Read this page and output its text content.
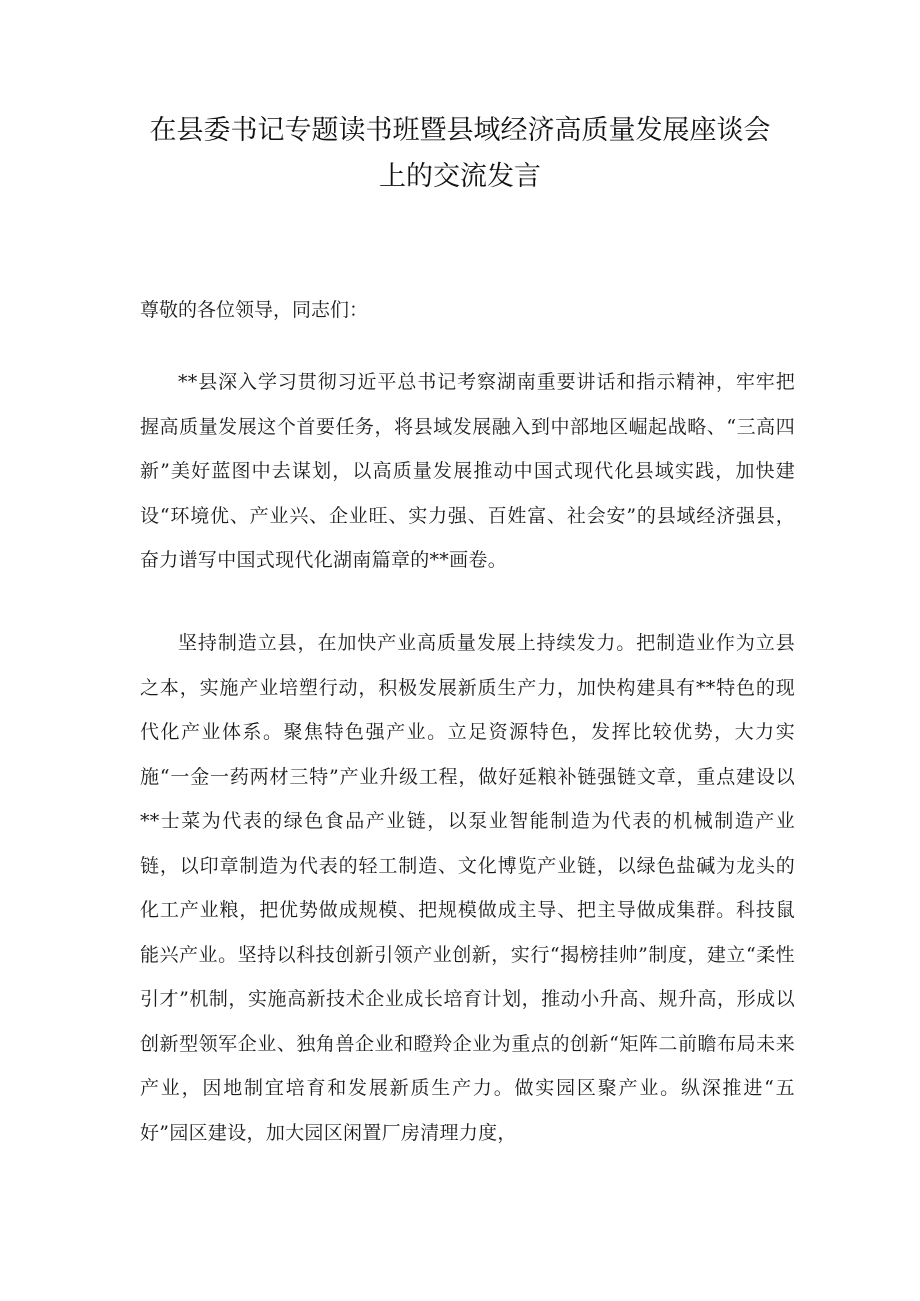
在县委书记专题读书班暨县域经济高质量发展座谈会
上的交流发言

尊敬的各位领导，同志们：

**县深入学习贯彻习近平总书记考察湖南重要讲话和指示精神，牢牢把握高质量发展这个首要任务，将县域发展融入到中部地区崛起战略、“三高四新”美好蓝图中去谋划，以高质量发展推动中国式现代化县域实践，加快建设“环境优、产业兴、企业旺、实力强、百姓富、社会安”的县域经济强县，奋力谱写中国式现代化湖南篇章的**画卷。

坚持制造立县，在加快产业高质量发展上持续发力。把制造业作为立县之本，实施产业培塑行动，积极发展新质生产力，加快构建具有**特色的现代化产业体系。聚焦特色强产业。立足资源特色，发挥比较优势，大力实施“一金一药两材三特”产业升级工程，做好延粮补链强链文章，重点建设以**士菜为代表的绿色食品产业链，以泵业智能制造为代表的机械制造产业链，以印章制造为代表的轻工制造、文化博览产业链，以绿色盐碱为龙头的化工产业粮，把优势做成规模、把规模做成主导、把主导做成集群。科技鼠能兴产业。坚持以科技创新引领产业创新，实行“揭榜挂帅”制度，建立“柔性引才”机制，实施高新技术企业成长培育计划，推动小升高、规升高，形成以创新型领军企业、独角兽企业和瞪羚企业为重点的创新“矩阵二前瞻布局未来产业，因地制宜培育和发展新质生产力。做实园区聚产业。纵深推进“五好”园区建设，加大园区闲置厂房清理力度，
